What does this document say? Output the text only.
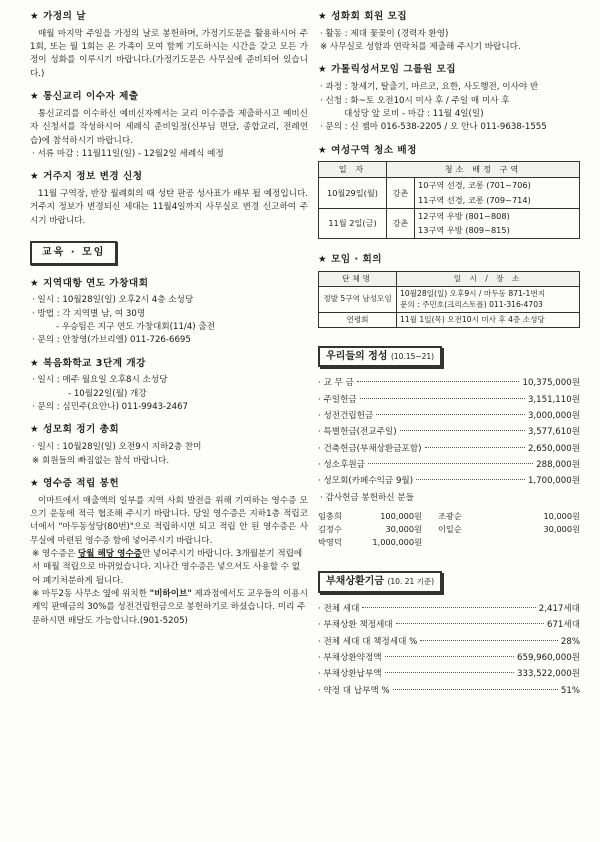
★ 가정의 날
매월 마지막 주일을 가정의 날로 봉헌하며, 가정기도문을 활용하시어 주1회, 또는 월 1회는 온 가족이 모여 함께 기도하시는 시간을 갖고 모든 가정이 성화를 이루시기 바랍니다.(가정기도문은 사무실에 준비되어 있습니다.)
★ 통신교리 이수자 제출
통신교리를 이수하신 예비신자께서는 교리 이수증을 제출하시고 예비신자 신청서를 작성하시어 세례식 준비일정(신부님 면담, 종합교리, 전례연습)에 참석하시기 바랍니다.
· 서류 마감 : 11월11일(일) - 12월2일 세례식 예정
★ 거주지 정보 변경 신청
11월 구역장, 반장 월례회의 때 성탄 판공 성사표가 배부 될 예정입니다. 거주지 정보가 변경되신 세대는 11월4일까지 사무실로 변경 신고하여 주시기 바랍니다.
교육 · 모임
★ 지역대항 연도 가창대회
· 일시 : 10월28일(일) 오후2시 4층 소성당
· 방법 : 각 지역별 남, 여 30명
- 우승팀은 지구 연도 가창대회(11/4) 출전
· 문의 : 안창영(가브리엘) 011-726-6695
★ 복음화학교 3단계 개강
· 일시 : 매주 월요일 오후8시 소성당
- 10월22일(월) 개강
· 문의 : 심민주(요안나) 011-9943-2467
★ 성모회 정기 총회
· 일시 : 10월28일(일) 오전9시 지하2층 찬미
※ 회원들의 빠짐없는 참석 바랍니다.
★ 영수증 적립 봉헌
이마트에서 매출액의 일부를 지역 사회 발전을 위해 기여하는 영수증 모으기 운동에 적극 협조해 주시기 바랍니다. 당일 영수증은 지하1층 적립코너에서 "마두동성당(80번)"으로 적립하시면 되고 적립 안 된 영수증은 사무실에 마련된 영수증 함에 넣어주시기 바랍니다.
※ 영수증은 당월 해당 영수증만 넣어주시기 바랍니다. 3개월분기 적립에서 매월 적립으로 바뀌었습니다. 지나간 영수증은 넣으셔도 사용할 수 없어 폐기처분하게 됩니다.
※ 마두2동 사무소 옆에 위치한 "비하이브" 제과점에서도 교우들의 이용시 케익 판매금의 30%를 성전건립헌금으로 봉헌하기로 하셨습니다. 미리 주문하시면 배달도 가능합니다.(901-5205)
★ 성화회 회원 모집
· 활동 : 제대 꽃꽂이 (경력자 환영)
※ 사무실로 성함과 연락처를 제출해 주시기 바랍니다.
★ 가톨릭성서모임 그룹원 모집
· 과정 : 창세기, 탈출기, 마르코, 요한, 사도행전, 이사야 반
· 신청 : 화~토 오전10시 미사 후 / 주일 매 미사 후
대성당 앞 로비 - 마감 : 11월 4일(일)
· 문의 : 신 젬마 016-538-2205 / 오 안나 011-9638-1555
★ 여성구역 청소 배정
일 자	청소 배정 구역	
10월29일(월)	강촌	10구역 선경, 코롱 (701~706)
		11구역 선경, 코롱 (709~714)
11월 2일(금)	강촌	12구역 우방 (801~808)
		13구역 우방 (809~815)
★ 모임 · 회의
단체명	일 시 / 장 소
정발 5구역 남성모임	10월28일(일) 오후9시 / 마두동 871-1번지
문의 : 주민호(크리스토폴) 011-316-4703

연령회	11월 1일(목) 오전10시 미사 후 4층 소성당
우리들의 정성 (10.15~21)
· 교 무 금	10,375,000원
· 주일헌금	3,151,110원
· 성전건립헌금	3,000,000원
· 특별헌금(전교주일)	3,577,610원
· 건축헌금(부채상환금포함)	2,650,000원
· 성소후원금	288,000원
· 성모회(카페수익금 9월)	1,700,000원
· 감사헌금 봉헌하신 분들
임충희	100,000원	조광순	10,000원
김정수	30,000원	이일순	30,000원
박영덕	1,000,000원
부채상환기금 (10. 21 기준)
· 전체 세대	2,417세대
· 부채상환 책정세대	671세대
· 전체 세대 대 책정세대 %	28%
· 부채상환약정액	659,960,000원
· 부채상환납부액	333,522,000원
· 약정 대 납부액 %	51%
